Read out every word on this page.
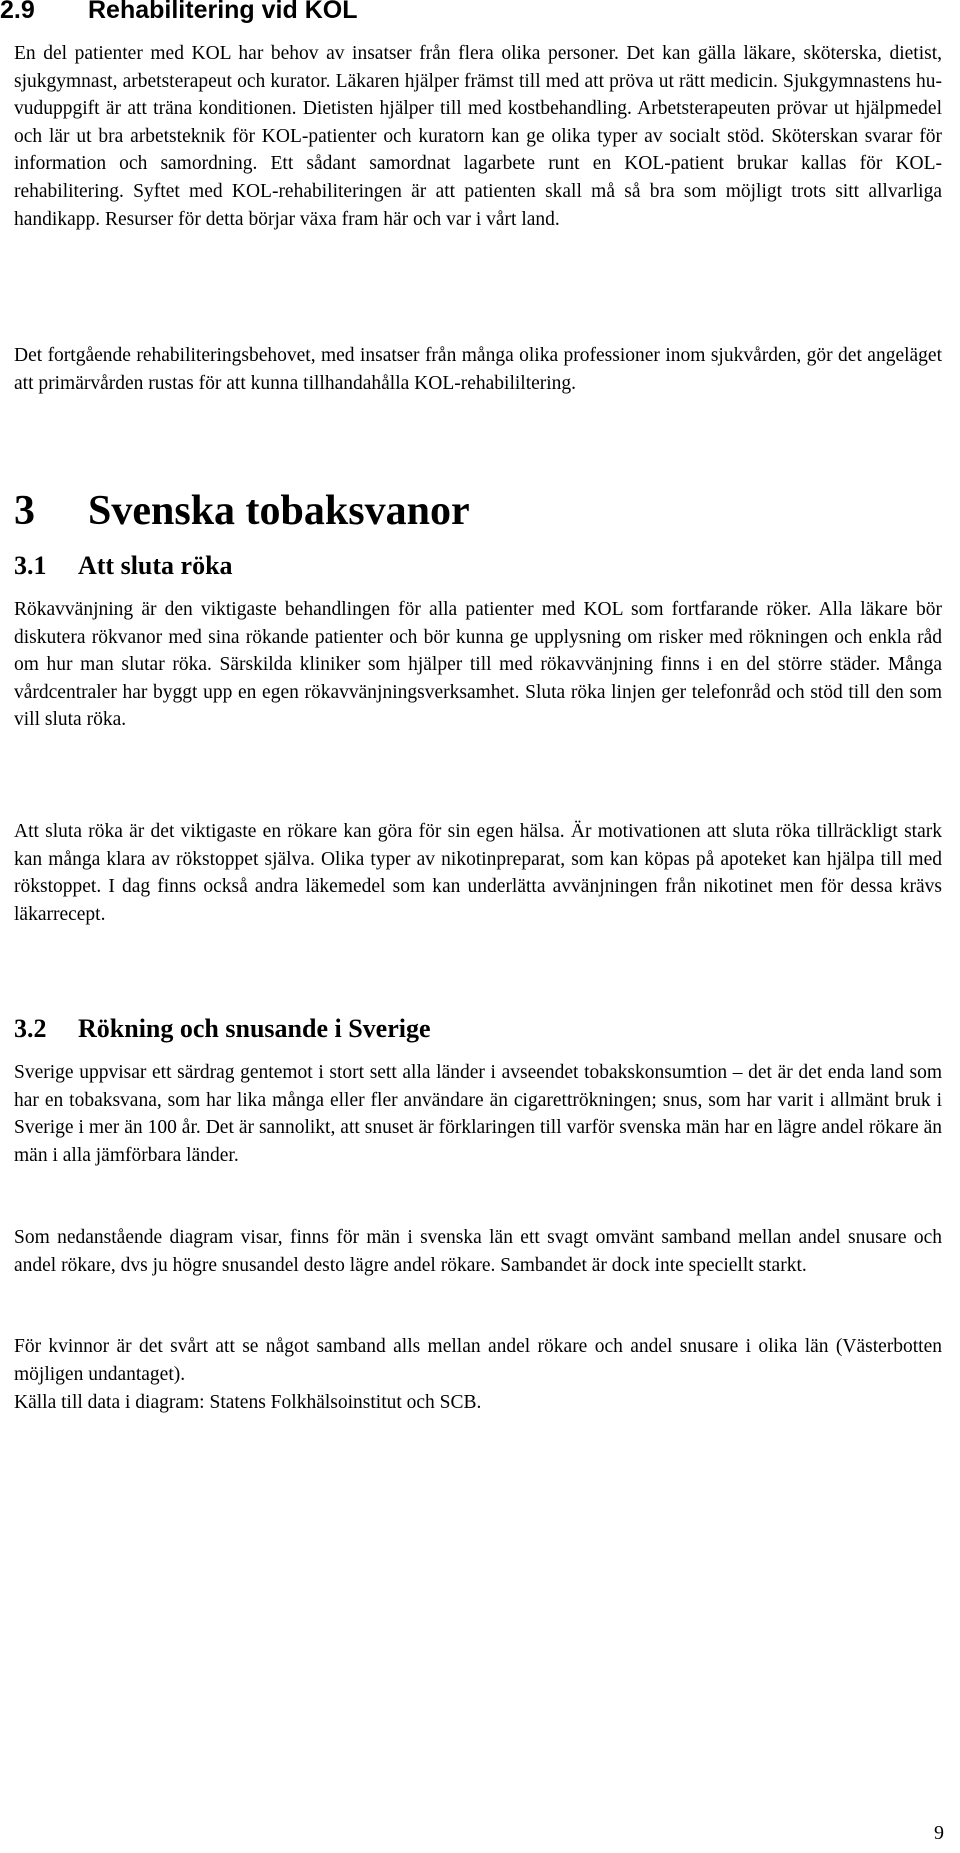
2.9 Rehabilitering vid KOL

En del patienter med KOL har behov av insatser från flera olika personer. Det kan gälla läkare, sköterska, dietist, sjukgymnast, arbetsterapeut och kurator. Läkaren hjälper främst till med att pröva ut rätt medicin. Sjukgymnastens huvuduppgift är att träna konditionen. Dietisten hjälper till med kostbehandling. Arbetsterapeuten prövar ut hjälpmedel och lär ut bra arbetsteknik för KOL-patienter och kuratorn kan ge olika typer av socialt stöd. Sköterskan svarar för information och samordning. Ett sådant samordnat lagarbete runt en KOL-patient brukar kallas för KOL-rehabilitering. Syftet med KOL-rehabiliteringen är att patienten skall må så bra som möjligt trots sitt allvarliga handikapp. Resurser för detta börjar växa fram här och var i vårt land.

Det fortgående rehabiliteringsbehovet, med insatser från många olika professioner inom sjukvården, gör det angeläget att primärvården rustas för att kunna tillhandahålla KOL-rehabililtering.

3 Svenska tobaksvanor
3.1 Att sluta röka

Rökavvänjning är den viktigaste behandlingen för alla patienter med KOL som fortfarande röker. Alla läkare bör diskutera rökvanor med sina rökande patienter och bör kunna ge upplysning om risker med rökningen och enkla råd om hur man slutar röka. Särskilda kliniker som hjälper till med rökavvänjning finns i en del större städer. Många vårdcentraler har byggt upp en egen rökavvänjningsverksamhet. Sluta röka linjen ger telefonråd och stöd till den som vill sluta röka.

Att sluta röka är det viktigaste en rökare kan göra för sin egen hälsa. Är motivationen att sluta röka tillräckligt stark kan många klara av rökstoppet själva. Olika typer av nikotinpreparat, som kan köpas på apoteket kan hjälpa till med rökstoppet. I dag finns också andra läkemedel som kan underlätta avvänjningen från nikotinet men för dessa krävs läkarrecept.

3.2 Rökning och snusande i Sverige

Sverige uppvisar ett särdrag gentemot i stort sett alla länder i avseendet tobakskonsumtion – det är det enda land som har en tobaksvana, som har lika många eller fler användare än cigarettrökningen; snus, som har varit i allmänt bruk i Sverige i mer än 100 år. Det är sannolikt, att snuset är förklaringen till varför svenska män har en lägre andel rökare än män i alla jämförbara länder.

Som nedanstående diagram visar, finns för män i svenska län ett svagt omvänt samband mellan andel snusare och andel rökare, dvs ju högre snusandel desto lägre andel rökare. Sambandet är dock inte speciellt starkt.

För kvinnor är det svårt att se något samband alls mellan andel rökare och andel snusare i olika län (Västerbotten möjligen undantaget).

Källa till data i diagram: Statens Folkhälsoinstitut och SCB.

9
